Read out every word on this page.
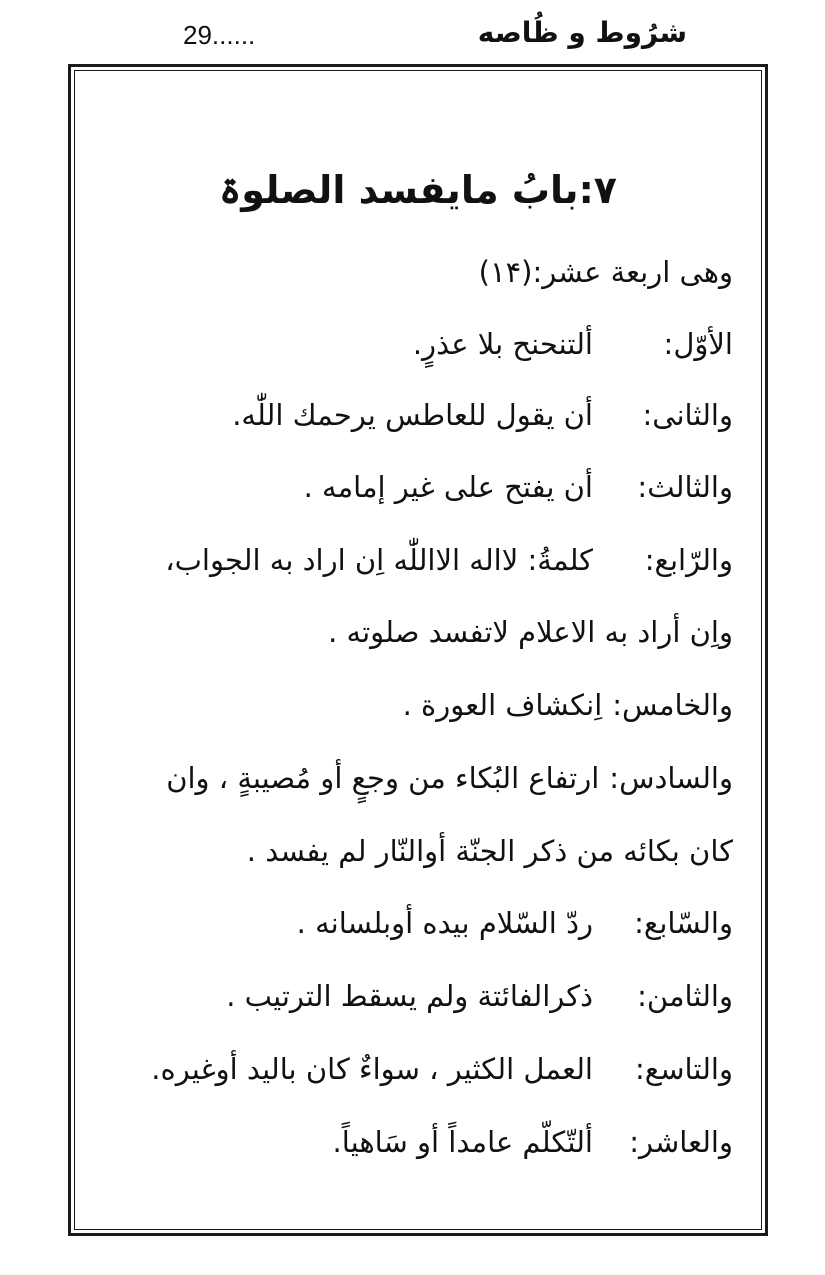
شرُوط و ظُاصه
29......
۷:بابُ مایفسد الصلوۃ
وهی اربعة عشر:(۱۴)
الأوّل:ألتنحنح بلا عذرٍ.
والثانی:أن يقول للعاطس يرحمك اللّٰه.
والثالث:أن يفتح على غير إمامه .
والرّابع:كلمةُ: لااله الااللّٰه اِن اراد به الجواب،
واِن أراد به الاعلام لاتفسد صلوته .
والخامس:اِنكشاف العورة .
والسادس:ارتفاع البُكاء من وجعٍ أو مُصيبةٍ ، وان
كان بكائه من ذكر الجنّة أوالنّار لم يفسد .
والسّابع:ردّ السّلام بيده أوبلسانه .
والثامن:ذكرالفائتة ولم يسقط الترتيب .
والتاسع:العمل الكثير ، سواءٌ كان باليد أوغيره.
والعاشر:ألتّكلّم عامداً أو سَاهياً.
